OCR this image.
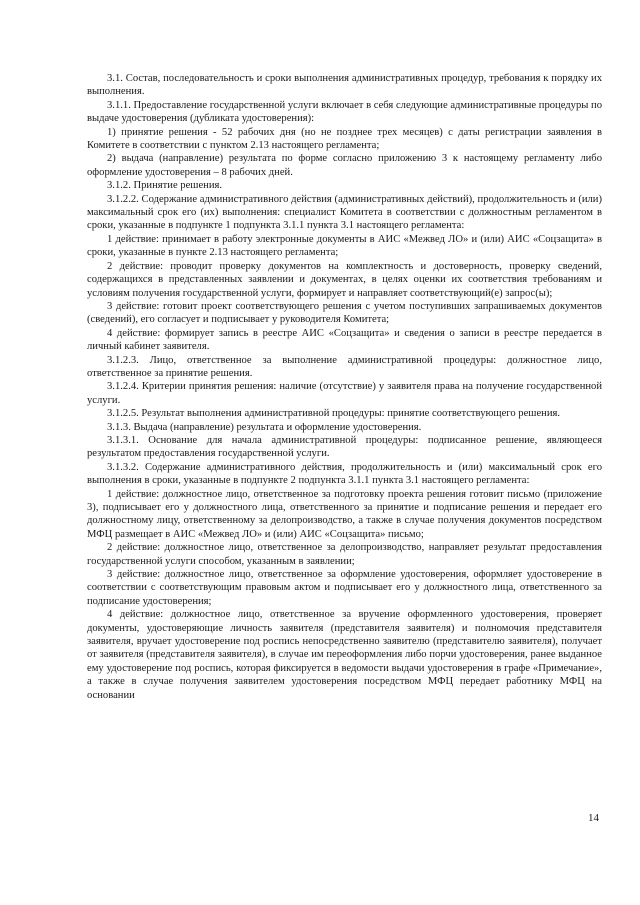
3.1. Состав, последовательность и сроки выполнения административных процедур, требования к порядку их выполнения.

3.1.1. Предоставление государственной услуги включает в себя следующие административные процедуры по выдаче удостоверения (дубликата удостоверения):

1) принятие решения - 52 рабочих дня (но не позднее трех месяцев) с даты регистрации заявления в Комитете в соответствии с пунктом 2.13 настоящего регламента;

2) выдача (направление) результата по форме согласно приложению 3 к настоящему регламенту либо оформление удостоверения – 8 рабочих дней.

3.1.2. Принятие решения.

3.1.2.2. Содержание административного действия (административных действий), продолжительность и (или) максимальный срок его (их) выполнения: специалист Комитета в соответствии с должностным регламентом в сроки, указанные в подпункте 1 подпункта 3.1.1 пункта 3.1 настоящего регламента:

1 действие: принимает в работу электронные документы в АИС «Межвед ЛО» и (или) АИС «Соцзащита» в сроки, указанные в пункте 2.13 настоящего регламента;

2 действие: проводит проверку документов на комплектность и достоверность, проверку сведений, содержащихся в представленных заявлении и документах, в целях оценки их соответствия требованиям и условиям получения государственной услуги, формирует и направляет соответствующий(е) запрос(ы);

3 действие: готовит проект соответствующего решения с учетом поступивших запрашиваемых документов (сведений), его согласует и подписывает у руководителя Комитета;

4 действие: формирует запись в реестре АИС «Соцзащита» и сведения о записи в реестре передается в личный кабинет заявителя.

3.1.2.3. Лицо, ответственное за выполнение административной процедуры: должностное лицо, ответственное за принятие решения.

3.1.2.4. Критерии принятия решения: наличие (отсутствие) у заявителя права на получение государственной услуги.

3.1.2.5. Результат выполнения административной процедуры: принятие соответствующего решения.

3.1.3. Выдача (направление) результата и оформление удостоверения.

3.1.3.1. Основание для начала административной процедуры: подписанное решение, являющееся результатом предоставления государственной услуги.

3.1.3.2. Содержание административного действия, продолжительность и (или) максимальный срок его выполнения в сроки, указанные в подпункте 2 подпункта 3.1.1 пункта 3.1 настоящего регламента:

1 действие: должностное лицо, ответственное за подготовку проекта решения готовит письмо (приложение 3), подписывает его у должностного лица, ответственного за принятие и подписание решения и передает его должностному лицу, ответственному за делопроизводство, а также в случае получения документов посредством МФЦ размещает в АИС «Межвед ЛО» и (или) АИС «Соцзащита» письмо;

2 действие: должностное лицо, ответственное за делопроизводство, направляет результат предоставления государственной услуги способом, указанным в заявлении;

3 действие: должностное лицо, ответственное за оформление удостоверения, оформляет удостоверение в соответствии с соответствующим правовым актом и подписывает его у должностного лица, ответственного за подписание удостоверения;

4 действие: должностное лицо, ответственное за вручение оформленного удостоверения, проверяет документы, удостоверяющие личность заявителя (представителя заявителя) и полномочия представителя заявителя, вручает удостоверение под роспись непосредственно заявителю (представителю заявителя), получает от заявителя (представителя заявителя), в случае им переоформления либо порчи удостоверения, ранее выданное ему удостоверение под роспись, которая фиксируется в ведомости выдачи удостоверения в графе «Примечание», а также в случае получения заявителем удостоверения посредством МФЦ передает работнику МФЦ на основании

14
